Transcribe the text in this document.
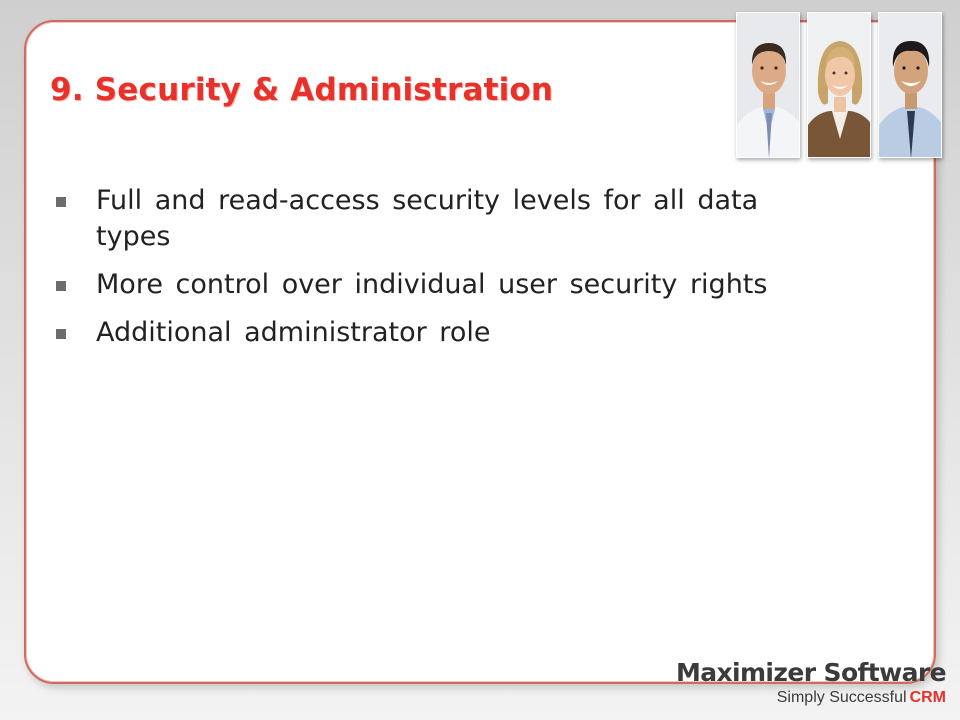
9. Security & Administration
Full and read-access security levels for all data types
More control over individual user security rights
Additional administrator role
Maximizer Software
Simply Successful CRM
